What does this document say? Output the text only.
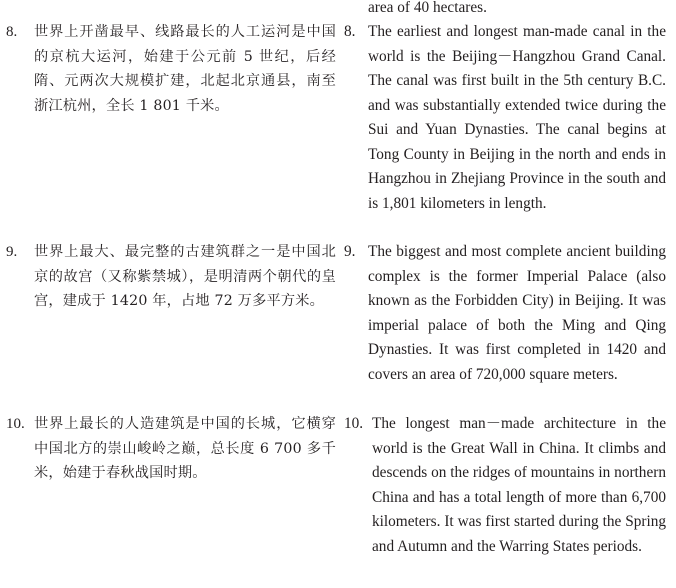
area of 40 hectares.
8. 世界上开凿最早、线路最长的人工运河是中国的京杭大运河，始建于公元前 5 世纪，后经隋、元两次大规模扩建，北起北京通县，南至浙江杭州，全长 1 801 千米。
8. The earliest and longest man-made canal in the world is the Beijing－Hangzhou Grand Canal. The canal was first built in the 5th century B.C. and was substantially extended twice during the Sui and Yuan Dynasties. The canal begins at Tong County in Beijing in the north and ends in Hangzhou in Zhejiang Province in the south and is 1,801 kilometers in length.
9. 世界上最大、最完整的古建筑群之一是中国北京的故宫（又称紫禁城），是明清两个朝代的皇宫，建成于 1420 年，占地 72 万多平方米。
9. The biggest and most complete ancient building complex is the former Imperial Palace (also known as the Forbidden City) in Beijing. It was imperial palace of both the Ming and Qing Dynasties. It was first completed in 1420 and covers an area of 720,000 square meters.
10. 世界上最长的人造建筑是中国的长城，它横穿中国北方的崇山峻岭之巅，总长度 6 700 多千米，始建于春秋战国时期。
10. The longest man－made architecture in the world is the Great Wall in China. It climbs and descends on the ridges of mountains in northern China and has a total length of more than 6,700 kilometers. It was first started during the Spring and Autumn and the Warring States periods.
